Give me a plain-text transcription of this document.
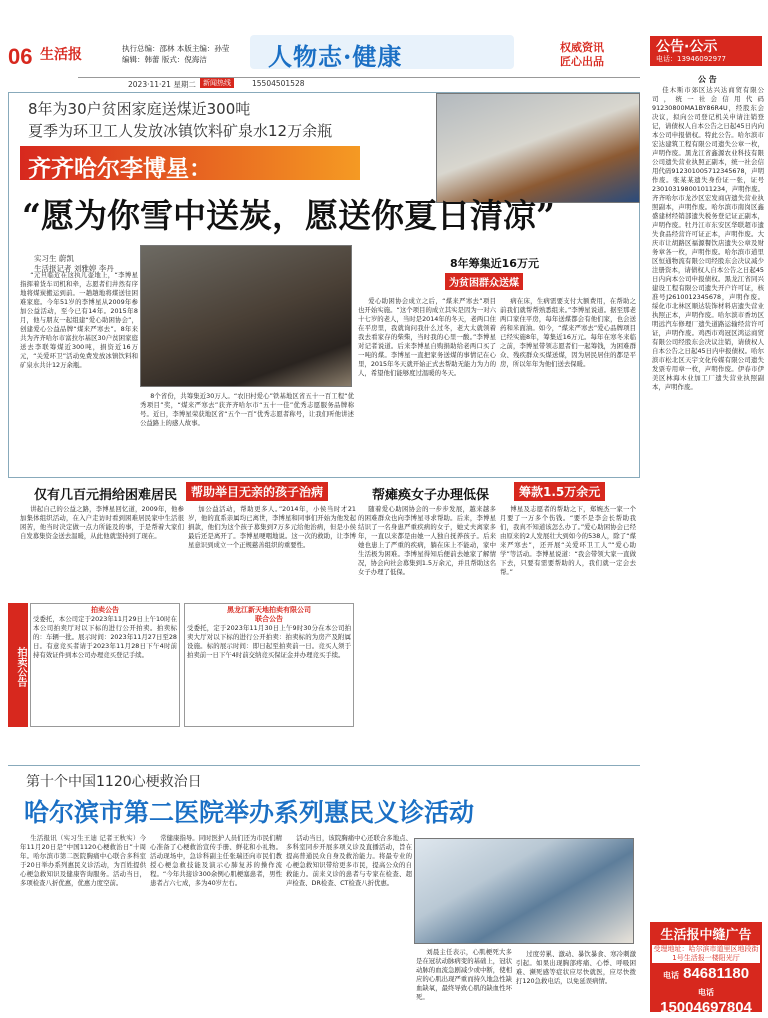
06 生活报	执行总编：邵林 本版主编：孙莹
编辑：韩蕾 版式：倪海洁	人物志·健康	权威资讯
匠心出品
2023·11·21 星期二	新闻热线	15504501528
8年为30户贫困家庭送煤近300吨
夏季为环卫工人发放冰镇饮料矿泉水12万余瓶
齐齐哈尔李博星：
“愿为你雪中送炭，愿送你夏日清凉”
实习生 蔚凯
生活报记者 刘雅婷 李丹

“元旦临近在这执儿壶地上，“李博星指挥着货车司机和牵，志愿者们井然有序地将煤炭搬运到前。一趟趟地将煤送往困难家庭。今年51岁的李博星从2009年参加公益活动，至今已有14年。2015年8月，他与朋友一起组建“爱心助困协会”，创建爱心公益品牌“煤来严寒去”。8年来共为齐齐哈尔市富拉尔基区30户贫困家庭送去李联筹煤近300吨，捐资近16万元，“关爱环卫”活动免费发放冰镇饮料和矿泉水共计12万余瓶。

8个省份，共筹集近30万人。“农旧村爱心”铁基地区省五十一百工程“优秀项目”奖，“煤来严寒去”获齐齐哈尔市“五十一佳”优秀志愿服务品牌称号。近日，李博星荣获地区省“五个一百”优秀志愿者称号，让我们听他讲述公益路上的感人故事。

8年筹集近16万元
为贫困群众送煤

爱心助困协会成立之后，“煤来严寒去”项目也开始实施。“这个项目的成立其实是因为一对六十七岁的老人，当时是2014年的冬天，老两口住在平房里，我就询问我什么过冬，老大太就领着我去看家存的柴柴，当时我的心里一酸。”李博星对记者说道。后来李博星自购捐助给老两口买了一吨的煤。李博星一直把家务送煤的事情记在心里，2015年冬天就开始正式去帮助无能力为力的人，希望他们能够度过温暖的冬天。

病在床，生病需要支付大额费用，在帮助之前我们就帮帮熟悉组来。”李博星说道。据至那老两口家住平房，每年送煤都会有他们家，也会送药和米面油。如今，“煤来严寒去”爱心品牌项目已经实施8年，筹集近16万元。每年在寒冬来临之前，李博星带领志愿者们一起筹钱，为困难群众、残疾群众买煤送煤，因为居民居住的都是平房，所以年年为他们送去保暖。

仅有几百元捐给困难居民	帮助举目无亲的孩子治病

讲起自己的公益之路，李博星回忆道，2009年，他参加集体组织活动，在入户走访时看到困难居民家中生活很困苦，他当时决定做一点力所能及的事，于是帮着大家们自发募集资金送去温暖，从此他就坚持到了现在。

加公益活动，帮助更多人。”2014年，小侯当时才21岁，他的直系亲属均已离世，李博星和同事们开始为他发起捐款，他们为这个孩子募集到7万多元给他治病，但是小侯最后还是离开了。李博星哽咽地说。这一次的救助，让李博星意识到成立一个正规慈善组织的重要性。

帮瘫痪女子办理低保	筹款1.5万余元

随着爱心助困协会的一步步发展，越来越多的困难群众也向李博星寻求帮助。后来，李博星结识了一名身患严重疾病的女子，她丈夫离家多年，一直以来都是由她一人独自抚养孩子。后来她也患上了严重的疾病，躺在床上不能动，家中生活极为困难。李博星得知后便前去她家了解情况，协会向社会募集到1.5万余元，并且帮助这名女子办理了低保。

博星及志愿者的帮助之下，郑婉杰一家一个月要了一万多个伤钱。“要不是李会长帮助我们，我真不知道该怎么办了。”爱心助困协会已经由原来的2人发展壮大到如今的538人，除了“煤来严寒去”，还开展“关爱环卫工人”“爱心助学”等活动。李博星说道：“我会带领大家一直做下去，只要有需要帮助的人，我们就一定会去帮。”

拍卖公告
拍卖公告
受委托，本公司定于2023年11月29日上午10时在本公司拍卖厅对以下标的进行公开拍卖。拍卖标的：车辆一批。展示时间：2023年11月27日至28日。有意竞买者请于2023年11月28日下午4时前持有效证件到本公司办理竞买登记手续。
黑龙江新天地拍卖有限公司
联合公告
受委托，定于2023年11月30日上午9时30分在本公司拍卖大厅对以下标的进行公开拍卖：拍卖标的为房产及附属设施。标的展示时间：即日起至拍卖前一日。竞买人须于拍卖前一日下午4时前交纳竞买保证金并办理竞买手续。
第十个中国1120心梗救治日
哈尔滨市第二医院举办系列惠民义诊活动

生活报讯（实习生王迪 记者王秋实）今年11月20日是“中国1120心梗救治日”十周年。哈尔滨市第二医院胸痛中心联合多科室于20日举办系列惠民义诊活动，为百姓提供心梗急救知识及健康咨询服务。活动当日，多项检查八折优惠，优惠力度空前。

常健康指导。同时医护人员们还为市民们精心准备了心梗救治宣传手册、鲜花和小礼物。活动现场中，急诊科副主任张瑞还向市民们教授心梗急救技能及演示心肺复苏的操作流程。“今年共接诊300余例心肌梗塞患者，男性患者占六七成，多为40岁左右。

活动当日，该院胸痛中心还联合多地点、多科室同步开展多项义诊及直播活动，旨在提高普通民众自身及救治能力。将最专业的心梗急救知识带给更多市民，提高公众的自救能力。前来义诊的患者与专家在检查、超声检查、DR检查、CT检查八折优惠。

刘晨主任表示，心肌梗死大多是在冠状动脉病变的基础上，冠状动脉的血流急剧减少或中断，使相应的心肌出现严重而持久地急性缺血缺氧，最终导致心肌的缺血性坏死。

过度劳累、激动、暴饮暴食、寒冷刺激引起。如果出现胸部疼痛、心悸、呼吸困难、濒死感等症状应尽快就医，应尽快拨打120急救电话，以免延误病情。

公告·公示
电话：13946092977
公 告

佳木斯市郊区达兴达商贸有限公司，统一社会信用代码91230800MA1BY86R4U，经股东会决议，拟向公司登记机关申请注销登记，请债权人自本公告之日起45日内向本公司申报债权。特此公告。哈尔滨市宏达建筑工程有限公司遗失公章一枚，声明作废。黑龙江省鑫源农业科技有限公司遗失营业执照正副本，统一社会信用代码912301005712345678，声明作废。张某某遗失身份证一张，证号230103198001011234，声明作废。齐齐哈尔市龙沙区宏发商店遗失营业执照副本，声明作废。哈尔滨市南岗区鑫盛建材经销部遗失税务登记证正副本，声明作废。牡丹江市东安区华联超市遗失食品经营许可证正本，声明作废。大庆市让胡路区福源餐饮店遗失公章及财务章各一枚，声明作废。哈尔滨市道里区恒通物流有限公司经股东会决议减少注册资本，请债权人自本公告之日起45日内向本公司申报债权。黑龙江省同兴建设工程有限公司遗失开户许可证，核准号J2610012345678，声明作废。绥化市北林区顺达装饰材料店遗失营业执照正本，声明作废。哈尔滨市香坊区明远汽车修理厂遗失道路运输经营许可证，声明作废。鸡西市鸡冠区鸿运商贸有限公司经股东会决议注销，请债权人自本公告之日起45日内申报债权。哈尔滨市松北区天宇文化传媒有限公司遗失发票专用章一枚，声明作废。伊春市伊美区林海木业加工厂遗失营业执照副本，声明作废。

生活报中缝广告
受理地址：哈尔滨市道里区地段街1号生活报一楼阳光厅
电话 84681180
电话 15004697804
